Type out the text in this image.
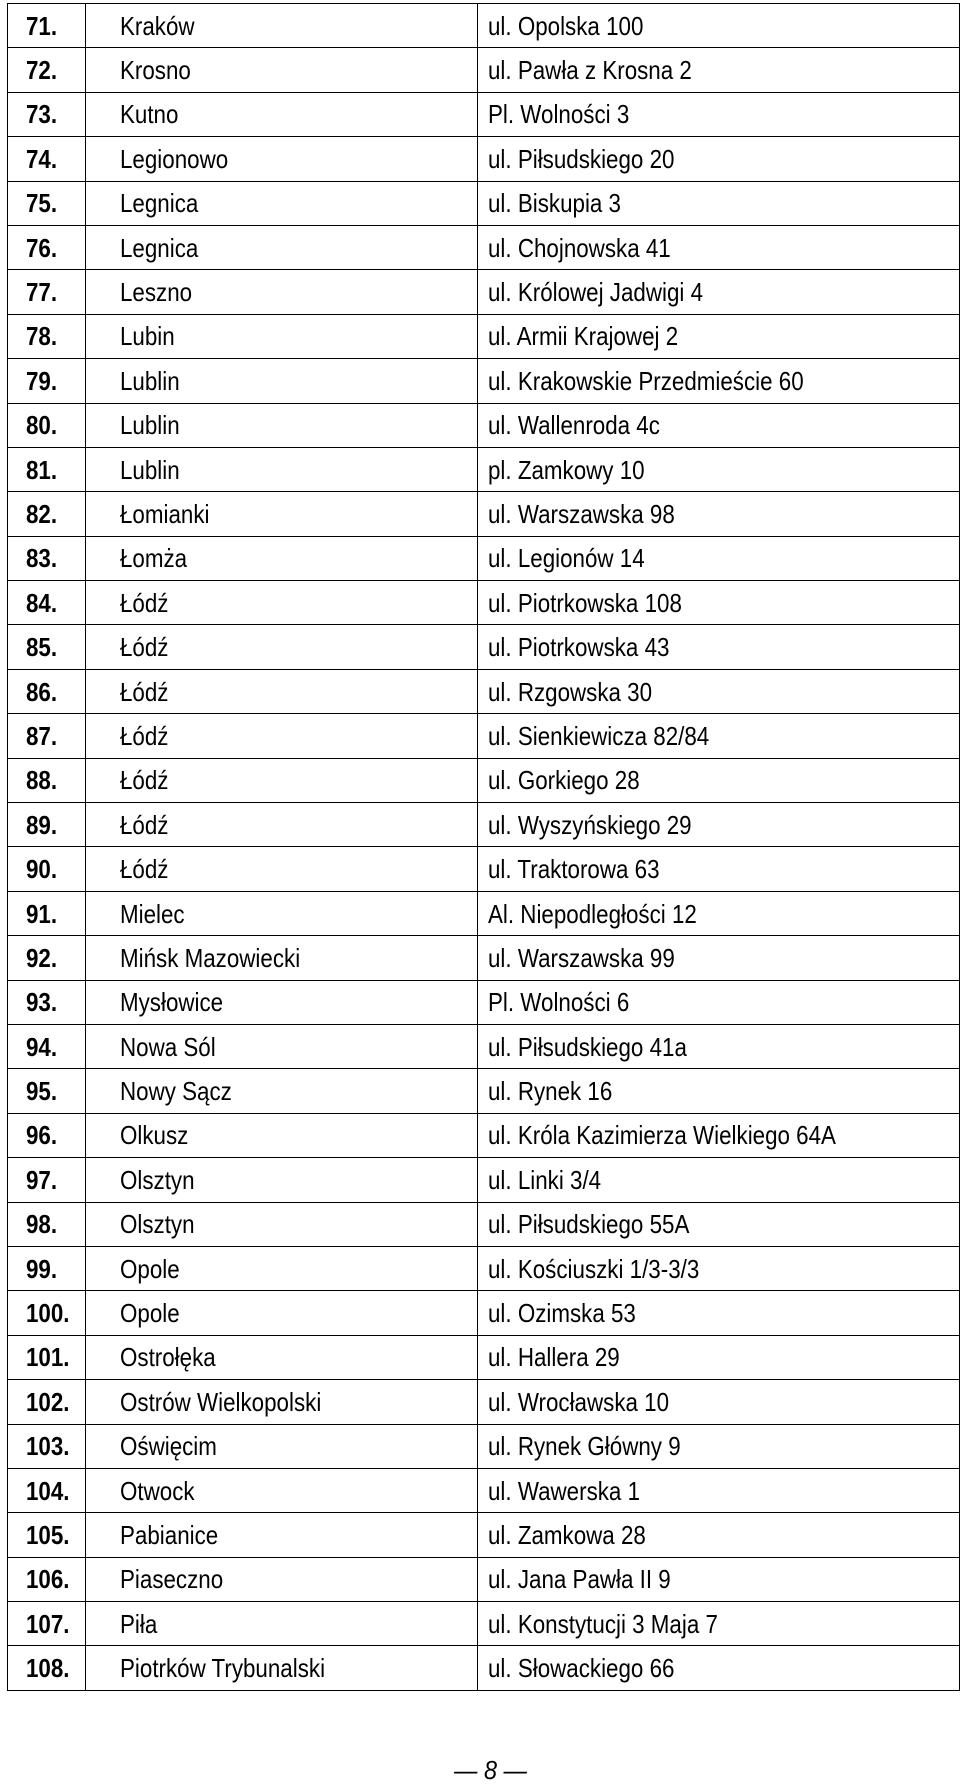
71.	Kraków	ul. Opolska 100
72.	Krosno	ul. Pawła z Krosna 2
73.	Kutno	Pl. Wolności 3
74.	Legionowo	ul. Piłsudskiego 20
75.	Legnica	ul. Biskupia 3
76.	Legnica	ul. Chojnowska 41
77.	Leszno	ul. Królowej Jadwigi 4
78.	Lubin	ul. Armii Krajowej 2
79.	Lublin	ul. Krakowskie Przedmieście 60
80.	Lublin	ul. Wallenroda 4c
81.	Lublin	pl. Zamkowy 10
82.	Łomianki	ul. Warszawska 98
83.	Łomża	ul. Legionów 14
84.	Łódź	ul. Piotrkowska 108
85.	Łódź	ul. Piotrkowska 43
86.	Łódź	ul. Rzgowska 30
87.	Łódź	ul. Sienkiewicza 82/84
88.	Łódź	ul. Gorkiego 28
89.	Łódź	ul. Wyszyńskiego 29
90.	Łódź	ul. Traktorowa 63
91.	Mielec	Al. Niepodległości 12
92.	Mińsk Mazowiecki	ul. Warszawska 99
93.	Mysłowice	Pl. Wolności 6
94.	Nowa Sól	ul. Piłsudskiego 41a
95.	Nowy Sącz	ul. Rynek 16
96.	Olkusz	ul. Króla Kazimierza Wielkiego 64A
97.	Olsztyn	ul. Linki 3/4
98.	Olsztyn	ul. Piłsudskiego 55A
99.	Opole	ul. Kościuszki 1/3-3/3
100.	Opole	ul. Ozimska 53
101.	Ostrołęka	ul. Hallera 29
102.	Ostrów Wielkopolski	ul. Wrocławska 10
103.	Oświęcim	ul. Rynek Główny 9
104.	Otwock	ul. Wawerska 1
105.	Pabianice	ul. Zamkowa 28
106.	Piaseczno	ul. Jana Pawła II 9
107.	Piła	ul. Konstytucji 3 Maja 7
108.	Piotrków Trybunalski	ul. Słowackiego 66
— 8 —
